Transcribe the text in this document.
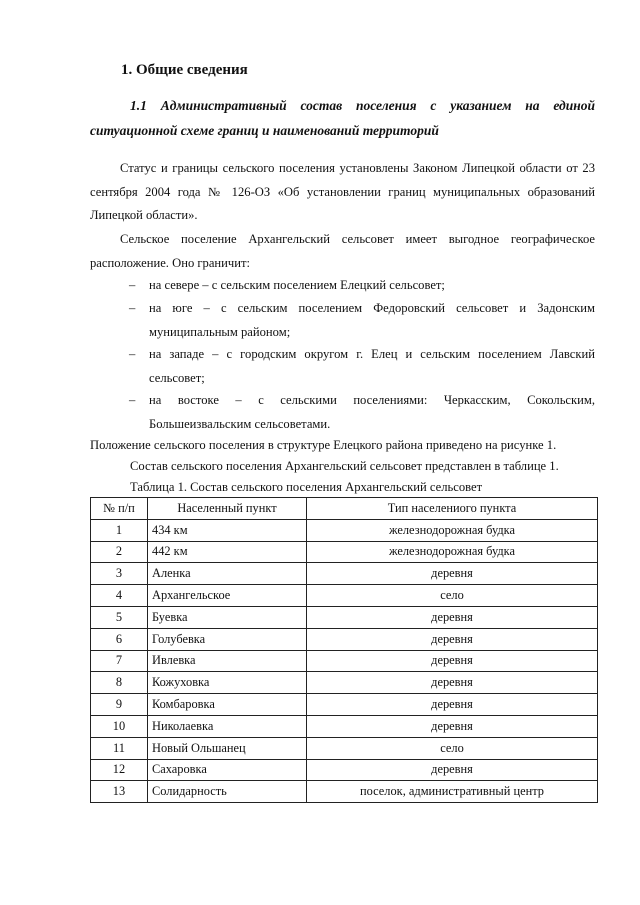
1. Общие сведения
1.1 Административный состав поселения с указанием на единой
ситуационной схеме границ и наименований территорий
Статус и границы сельского поселения установлены Законом Липецкой области от 23
сентября 2004 года № 126-ОЗ «Об установлении границ муниципальных образований
Липецкой области».
Сельское поселение Архангельский сельсовет имеет выгодное географическое
расположение. Оно граничит:
– на севере – с сельским поселением Елецкий сельсовет;
– на юге – с сельским поселением Федоровский сельсовет и Задонским
муниципальным районом;
– на западе – с городским округом г. Елец и сельским поселением Лавский
сельсовет;
– на востоке – с сельскими поселениями: Черкасским, Сокольским,
Большеизвальским сельсоветами.
Положение сельского поселения в структуре Елецкого района приведено на рисунке 1.
Состав сельского поселения Архангельский сельсовет представлен в таблице 1.
Таблица 1. Состав сельского поселения Архангельский сельсовет
№ п/п	Населенный пункт	Тип населениого пункта
1	434 км	железнодорожная будка
2	442 км	железнодорожная будка
3	Аленка	деревня
4	Архангельское	село
5	Буевка	деревня
6	Голубевка	деревня
7	Ивлевка	деревня
8	Кожуховка	деревня
9	Комбаровка	деревня
10	Николаевка	деревня
11	Новый Ольшанец	село
12	Сахаровка	деревня
13	Солидарность	поселок, административный центр
